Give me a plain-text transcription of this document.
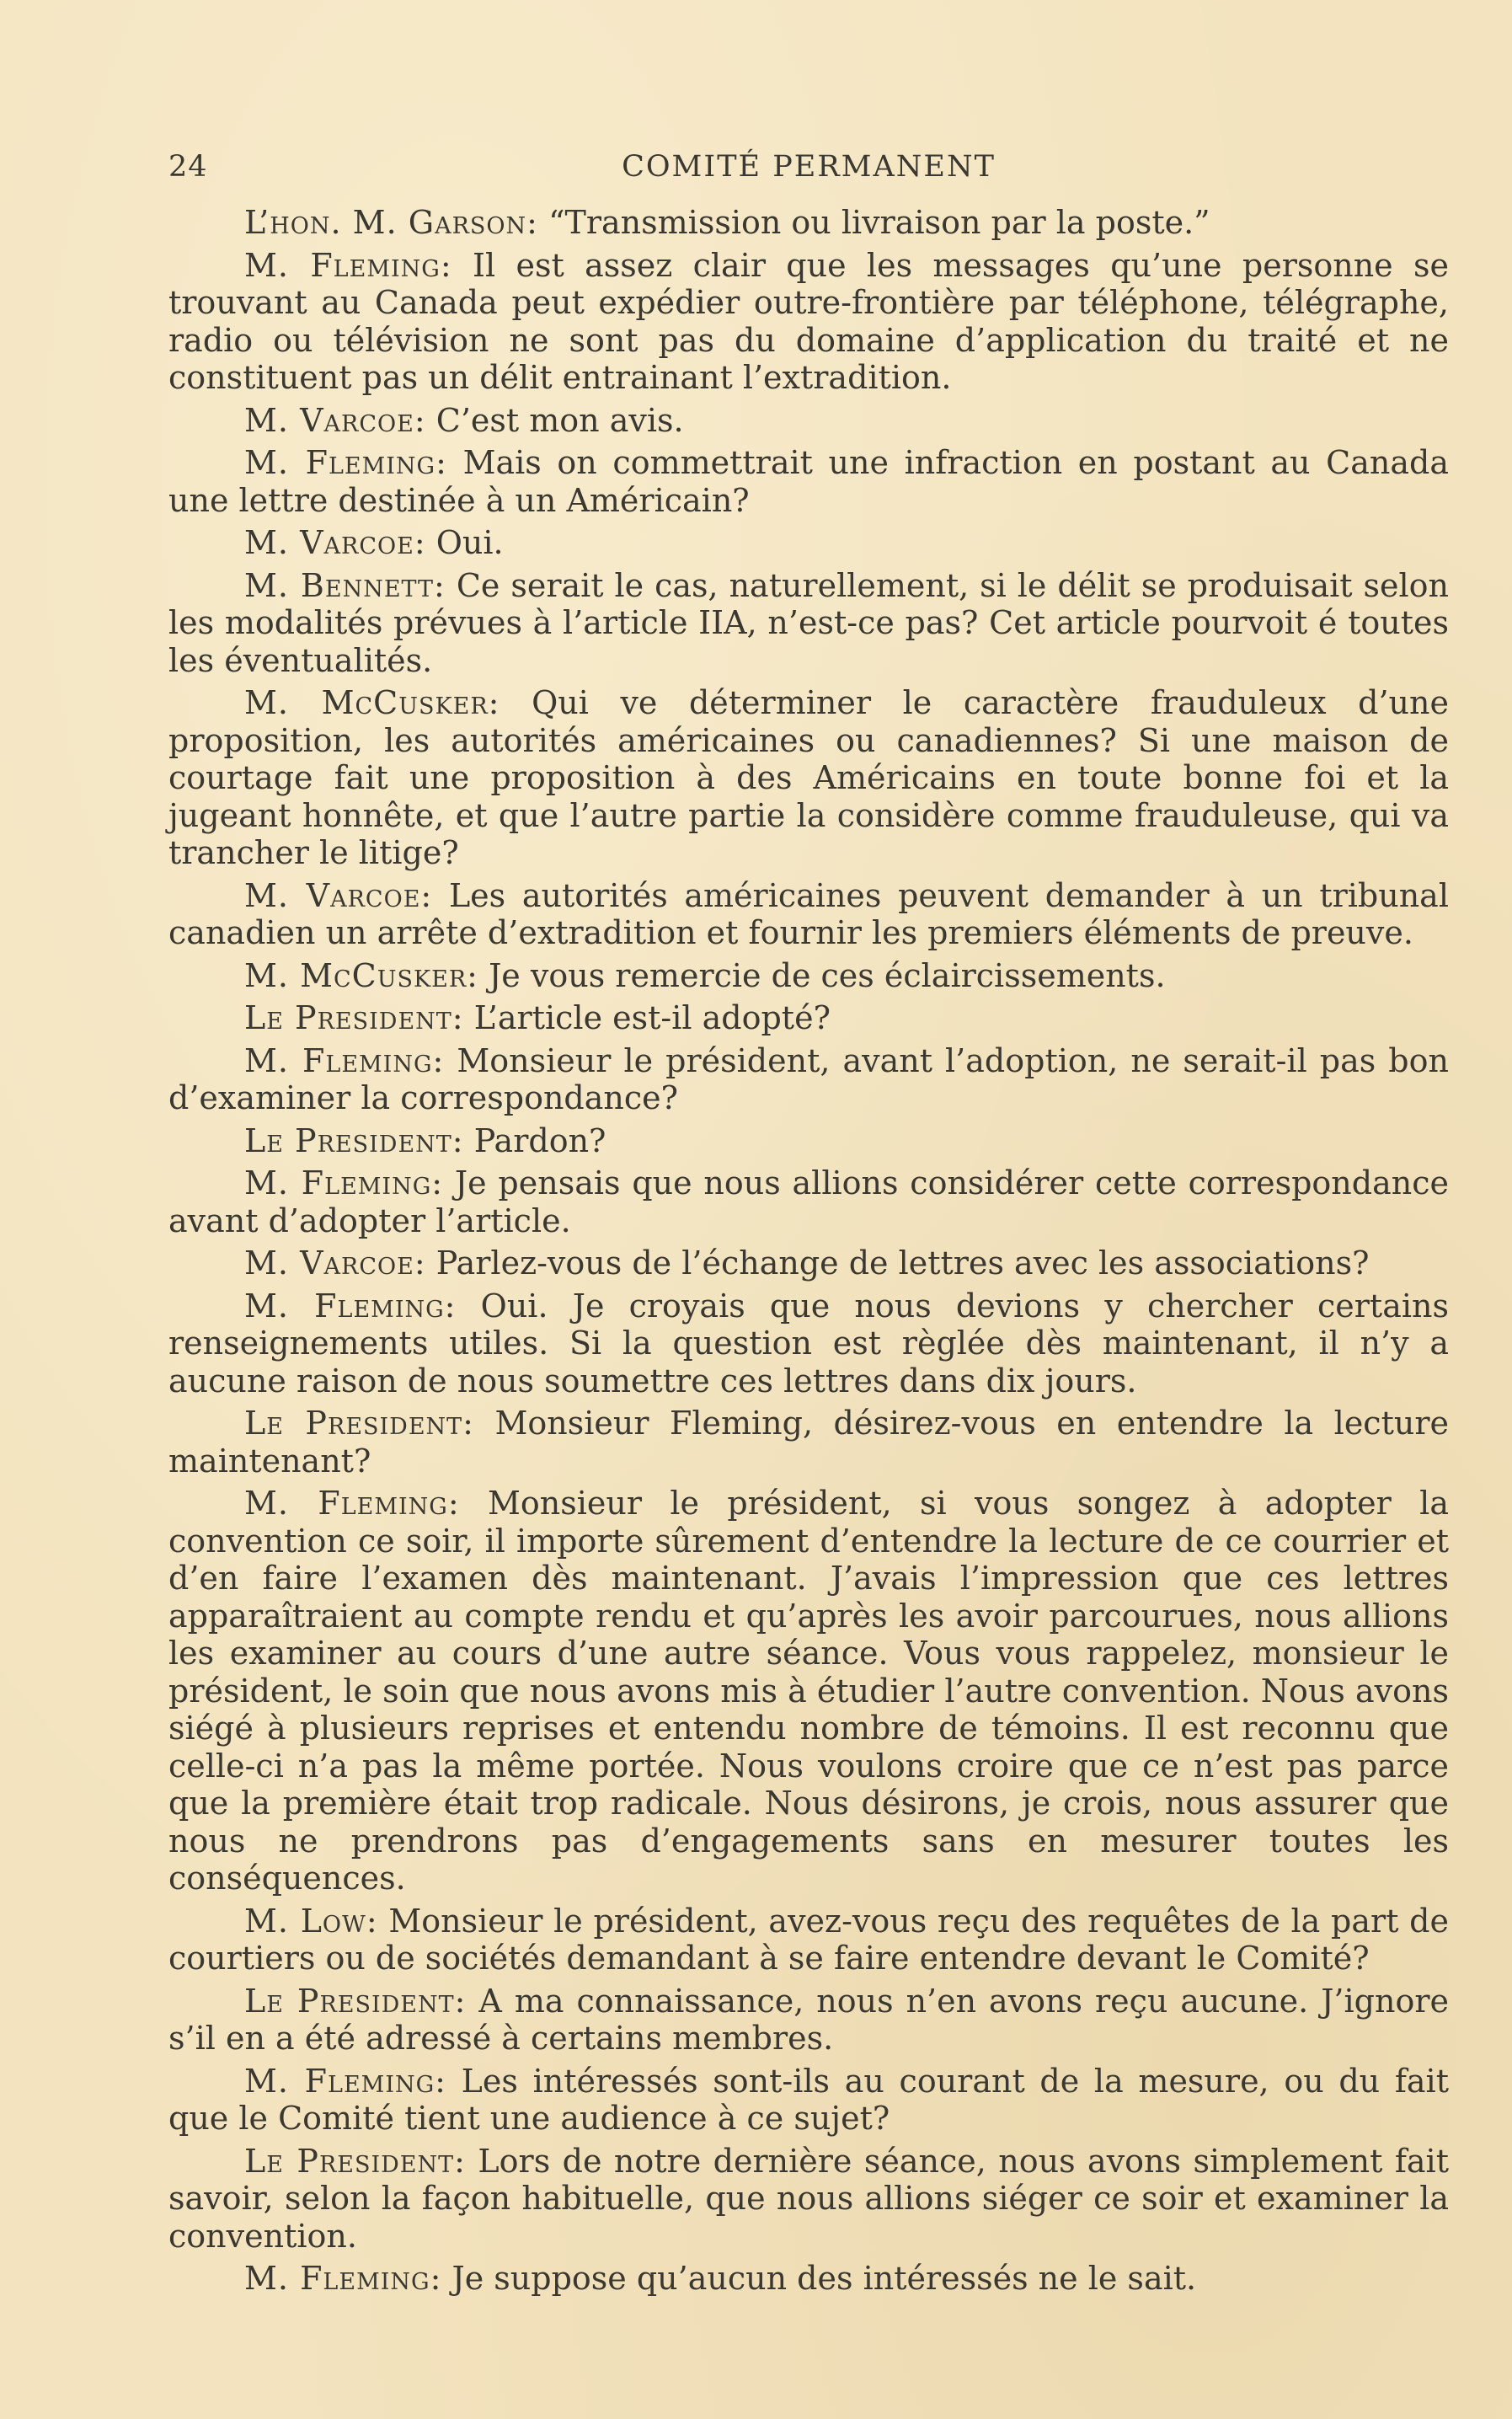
24	COMITÉ PERMANENT

L’hon. M. Garson: “Transmission ou livraison par la poste.”

M. Fleming: Il est assez clair que les messages qu’une personne se trouvant au Canada peut expédier outre-frontière par téléphone, télégraphe, radio ou télévision ne sont pas du domaine d’application du traité et ne constituent pas un délit entrainant l’extradition.

M. Varcoe: C’est mon avis.

M. Fleming: Mais on commettrait une infraction en postant au Canada une lettre destinée à un Américain?

M. Varcoe: Oui.

M. Bennett: Ce serait le cas, naturellement, si le délit se produisait selon les modalités prévues à l’article IIA, n’est-ce pas? Cet article pourvoit é toutes les éventualités.

M. McCusker: Qui ve déterminer le caractère frauduleux d’une proposition, les autorités américaines ou canadiennes? Si une maison de courtage fait une proposition à des Américains en toute bonne foi et la jugeant honnête, et que l’autre partie la considère comme frauduleuse, qui va trancher le litige?

M. Varcoe: Les autorités américaines peuvent demander à un tribunal canadien un arrête d’extradition et fournir les premiers éléments de preuve.

M. McCusker: Je vous remercie de ces éclaircissements.

Le President: L’article est-il adopté?

M. Fleming: Monsieur le président, avant l’adoption, ne serait-il pas bon d’examiner la correspondance?

Le President: Pardon?

M. Fleming: Je pensais que nous allions considérer cette correspondance avant d’adopter l’article.

M. Varcoe: Parlez-vous de l’échange de lettres avec les associations?

M. Fleming: Oui. Je croyais que nous devions y chercher certains renseignements utiles. Si la question est règlée dès maintenant, il n’y a aucune raison de nous soumettre ces lettres dans dix jours.

Le President: Monsieur Fleming, désirez-vous en entendre la lecture maintenant?

M. Fleming: Monsieur le président, si vous songez à adopter la convention ce soir, il importe sûrement d’entendre la lecture de ce courrier et d’en faire l’examen dès maintenant. J’avais l’impression que ces lettres apparaîtraient au compte rendu et qu’après les avoir parcourues, nous allions les examiner au cours d’une autre séance. Vous vous rappelez, monsieur le président, le soin que nous avons mis à étudier l’autre convention. Nous avons siégé à plusieurs reprises et entendu nombre de témoins. Il est reconnu que celle-ci n’a pas la même portée. Nous voulons croire que ce n’est pas parce que la première était trop radicale. Nous désirons, je crois, nous assurer que nous ne prendrons pas d’engagements sans en mesurer toutes les conséquences.

M. Low: Monsieur le président, avez-vous reçu des requêtes de la part de courtiers ou de sociétés demandant à se faire entendre devant le Comité?

Le President: A ma connaissance, nous n’en avons reçu aucune. J’ignore s’il en a été adressé à certains membres.

M. Fleming: Les intéressés sont-ils au courant de la mesure, ou du fait que le Comité tient une audience à ce sujet?

Le President: Lors de notre dernière séance, nous avons simplement fait savoir, selon la façon habituelle, que nous allions siéger ce soir et examiner la convention.

M. Fleming: Je suppose qu’aucun des intéressés ne le sait.
